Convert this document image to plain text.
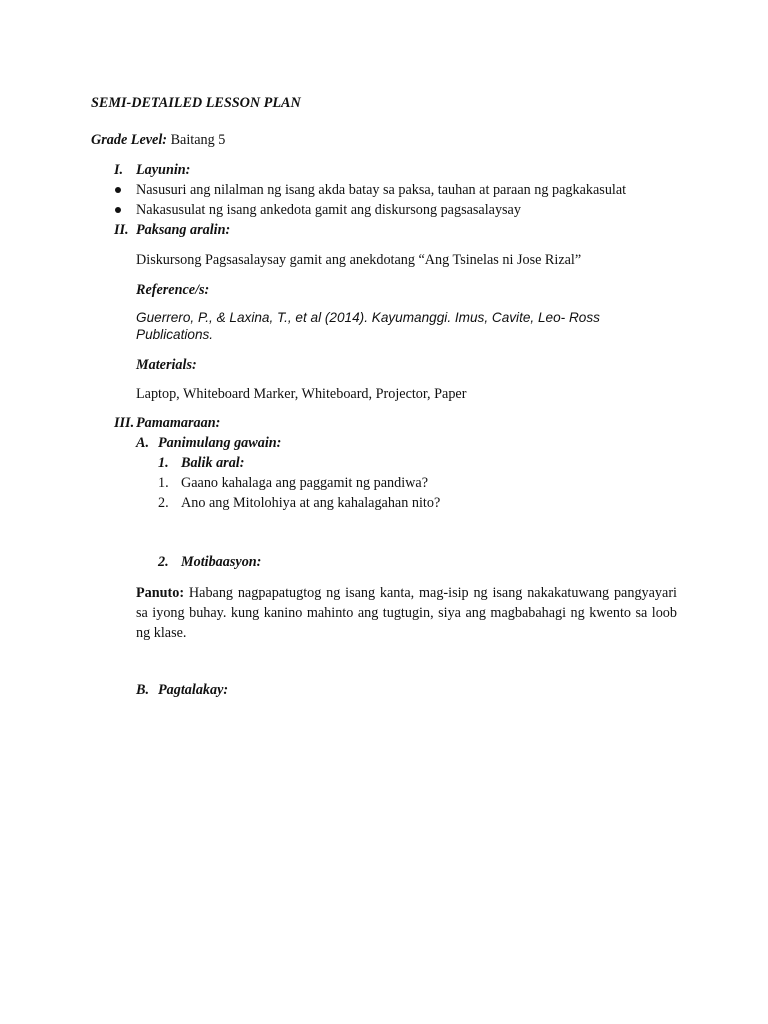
SEMI-DETAILED LESSON PLAN
Grade Level: Baitang 5
I. Layunin:
Nasusuri ang nilalman ng isang akda batay sa paksa, tauhan at paraan ng pagkakasulat
Nakasusulat ng isang ankedota gamit ang diskursong pagsasalaysay
II. Paksang aralin:
Diskursong Pagsasalaysay gamit ang anekdotang “Ang Tsinelas ni Jose Rizal”
Reference/s:
Guerrero, P., & Laxina, T., et al (2014). Kayumanggi. Imus, Cavite, Leo- Ross
Publications.
Materials:
Laptop, Whiteboard Marker, Whiteboard, Projector, Paper
III. Pamamaraan:
A. Panimulang gawain:
1. Balik aral:
1. Gaano kahalaga ang paggamit ng pandiwa?
2. Ano ang Mitolohiya at ang kahalagahan nito?
2. Motibaasyon:
Panuto: Habang nagpapatugtog ng isang kanta, mag-isip ng isang nakakatuwang pangyayari sa iyong buhay. kung kanino mahinto ang tugtugin, siya ang magbabahagi ng kwento sa loob ng klase.
B. Pagtalakay:
